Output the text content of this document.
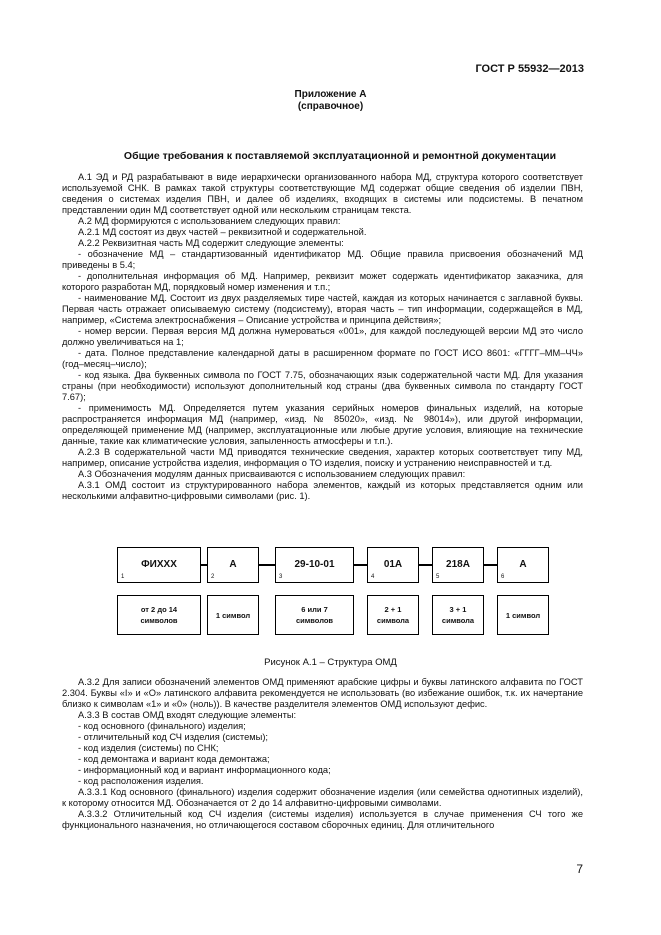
ГОСТ Р 55932—2013
Приложение А
(справочное)
Общие требования к поставляемой эксплуатационной и ремонтной документации

А.1 ЭД и РД разрабатывают в виде иерархически организованного набора МД, структура которого соответствует используемой СНК. В рамках такой структуры соответствующие МД содержат общие сведения об изделии ПВН, сведения о системах изделия ПВН, и далее об изделиях, входящих в системы или подсистемы. В печатном представлении один МД соответствует одной или нескольким страницам текста.

А.2 МД формируются с использованием следующих правил:

А.2.1 МД состоят из двух частей – реквизитной и содержательной.

А.2.2 Реквизитная часть МД содержит следующие элементы:

- обозначение МД – стандартизованный идентификатор МД. Общие правила присвоения обозначений МД приведены в 5.4;

- дополнительная информация об МД. Например, реквизит может содержать идентификатор заказчика, для которого разработан МД, порядковый номер изменения и т.п.;

- наименование МД. Состоит из двух разделяемых тире частей, каждая из которых начинается с заглавной буквы. Первая часть отражает описываемую систему (подсистему), вторая часть – тип информации, содержащейся в МД, например, «Система электроснабжения – Описание устройства и принципа действия»;

- номер версии. Первая версия МД должна нумероваться «001», для каждой последующей версии МД это число должно увеличиваться на 1;

- дата. Полное представление календарной даты в расширенном формате по ГОСТ ИСО 8601: «ГГГГ–ММ–ЧЧ» (год–месяц–число);

- код языка. Два буквенных символа по ГОСТ 7.75, обозначающих язык содержательной части МД. Для указания страны (при необходимости) используют дополнительный код страны (два буквенных символа по стандарту ГОСТ 7.67);

- применимость МД. Определяется путем указания серийных номеров финальных изделий, на которые распространяется информация МД (например, «изд. № 85020», «изд. № 98014»), или другой информации, определяющей применение МД (например, эксплуатационные или любые другие условия, влияющие на технические данные, такие как климатические условия, запыленность атмосферы и т.п.).

А.2.3 В содержательной части МД приводятся технические сведения, характер которых соответствует типу МД, например, описание устройства изделия, информация о ТО изделия, поиску и устранению неисправностей и т.д.

А.3 Обозначения модулям данных присваиваются с использованием следующих правил:

А.3.1 ОМД состоит из структурированного набора элементов, каждый из которых представляется одним или несколькими алфавитно-цифровыми символами (рис. 1).

ФИХХХ
1
А
2
29-10-01
3
01А
4
218А
5
А
6
от 2 до 14
символов
1 символ
6 или 7
символов
2 + 1
символа
3 + 1
символа
1 символ
Рисунок А.1 – Структура ОМД

А.3.2 Для записи обозначений элементов ОМД применяют арабские цифры и буквы латинского алфавита по ГОСТ 2.304. Буквы «I» и «О» латинского алфавита рекомендуется не использовать (во избежание ошибок, т.к. их начертание близко к символам «1» и «0» (ноль)). В качестве разделителя элементов ОМД используют дефис.

А.3.3 В состав ОМД входят следующие элементы:

- код основного (финального) изделия;

- отличительный код СЧ изделия (системы);

- код изделия (системы) по СНК;

- код демонтажа и вариант кода демонтажа;

- информационный код и вариант информационного кода;

- код расположения изделия.

А.3.3.1 Код основного (финального) изделия содержит обозначение изделия (или семейства однотипных изделий), к которому относится МД. Обозначается от 2 до 14 алфавитно-цифровыми символами.

А.3.3.2 Отличительный код СЧ изделия (системы изделия) используется в случае применения СЧ того же функционального назначения, но отличающегося составом сборочных единиц. Для отличительного

7
